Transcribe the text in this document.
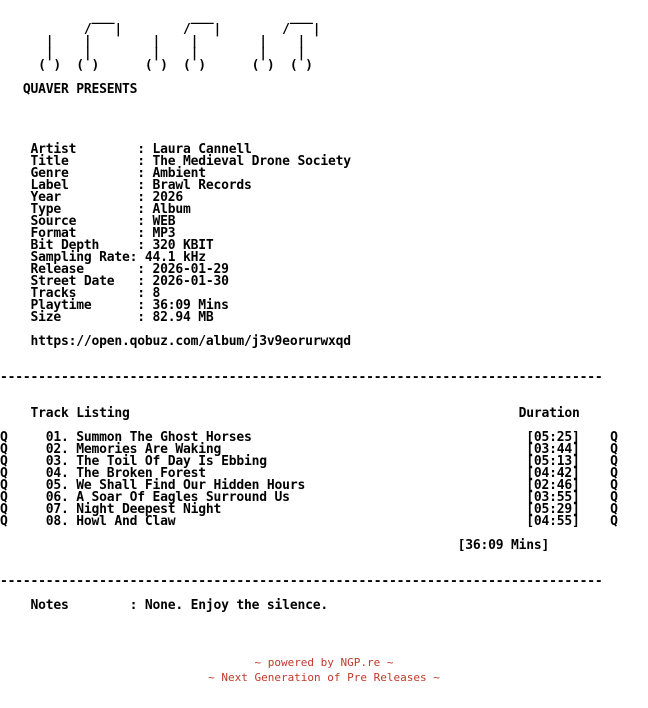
___          ___          ___
/   |        /   |        /   |
|    |        |    |        |    |
|    |        |    |        |    |
( )  ( )      ( )  ( )      ( )  ( )
QUAVER PRESENTS
Artist        : Laura Cannell
Title         : The Medieval Drone Society
Genre         : Ambient
Label         : Brawl Records
Year          : 2026
Type          : Album
Source        : WEB
Format        : MP3
Bit Depth     : 320 KBIT
Sampling Rate: 44.1 kHz
Release       : 2026-01-29
Street Date   : 2026-01-30
Tracks        : 8
Playtime      : 36:09 Mins
Size          : 82.94 MB
https://open.qobuz.com/album/j3v9eorurwxqd
-------------------------------------------------------------------------------
Track Listing                                                   Duration
Q     01. Summon The Ghost Horses                                    [05:25]    Q
Q     02. Memories Are Waking                                        [03:44]    Q
Q     03. The Toil Of Day Is Ebbing                                  [05:13]    Q
Q     04. The Broken Forest                                          [04:42]    Q
Q     05. We Shall Find Our Hidden Hours                             [02:46]    Q
Q     06. A Soar Of Eagles Surround Us                               [03:55]    Q
Q     07. Night Deepest Night                                        [05:29]    Q
Q     08. Howl And Claw                                              [04:55]    Q
[36:09 Mins]
-------------------------------------------------------------------------------
Notes        : None. Enjoy the silence.
~ powered by NGP.re ~
~ Next Generation of Pre Releases ~
